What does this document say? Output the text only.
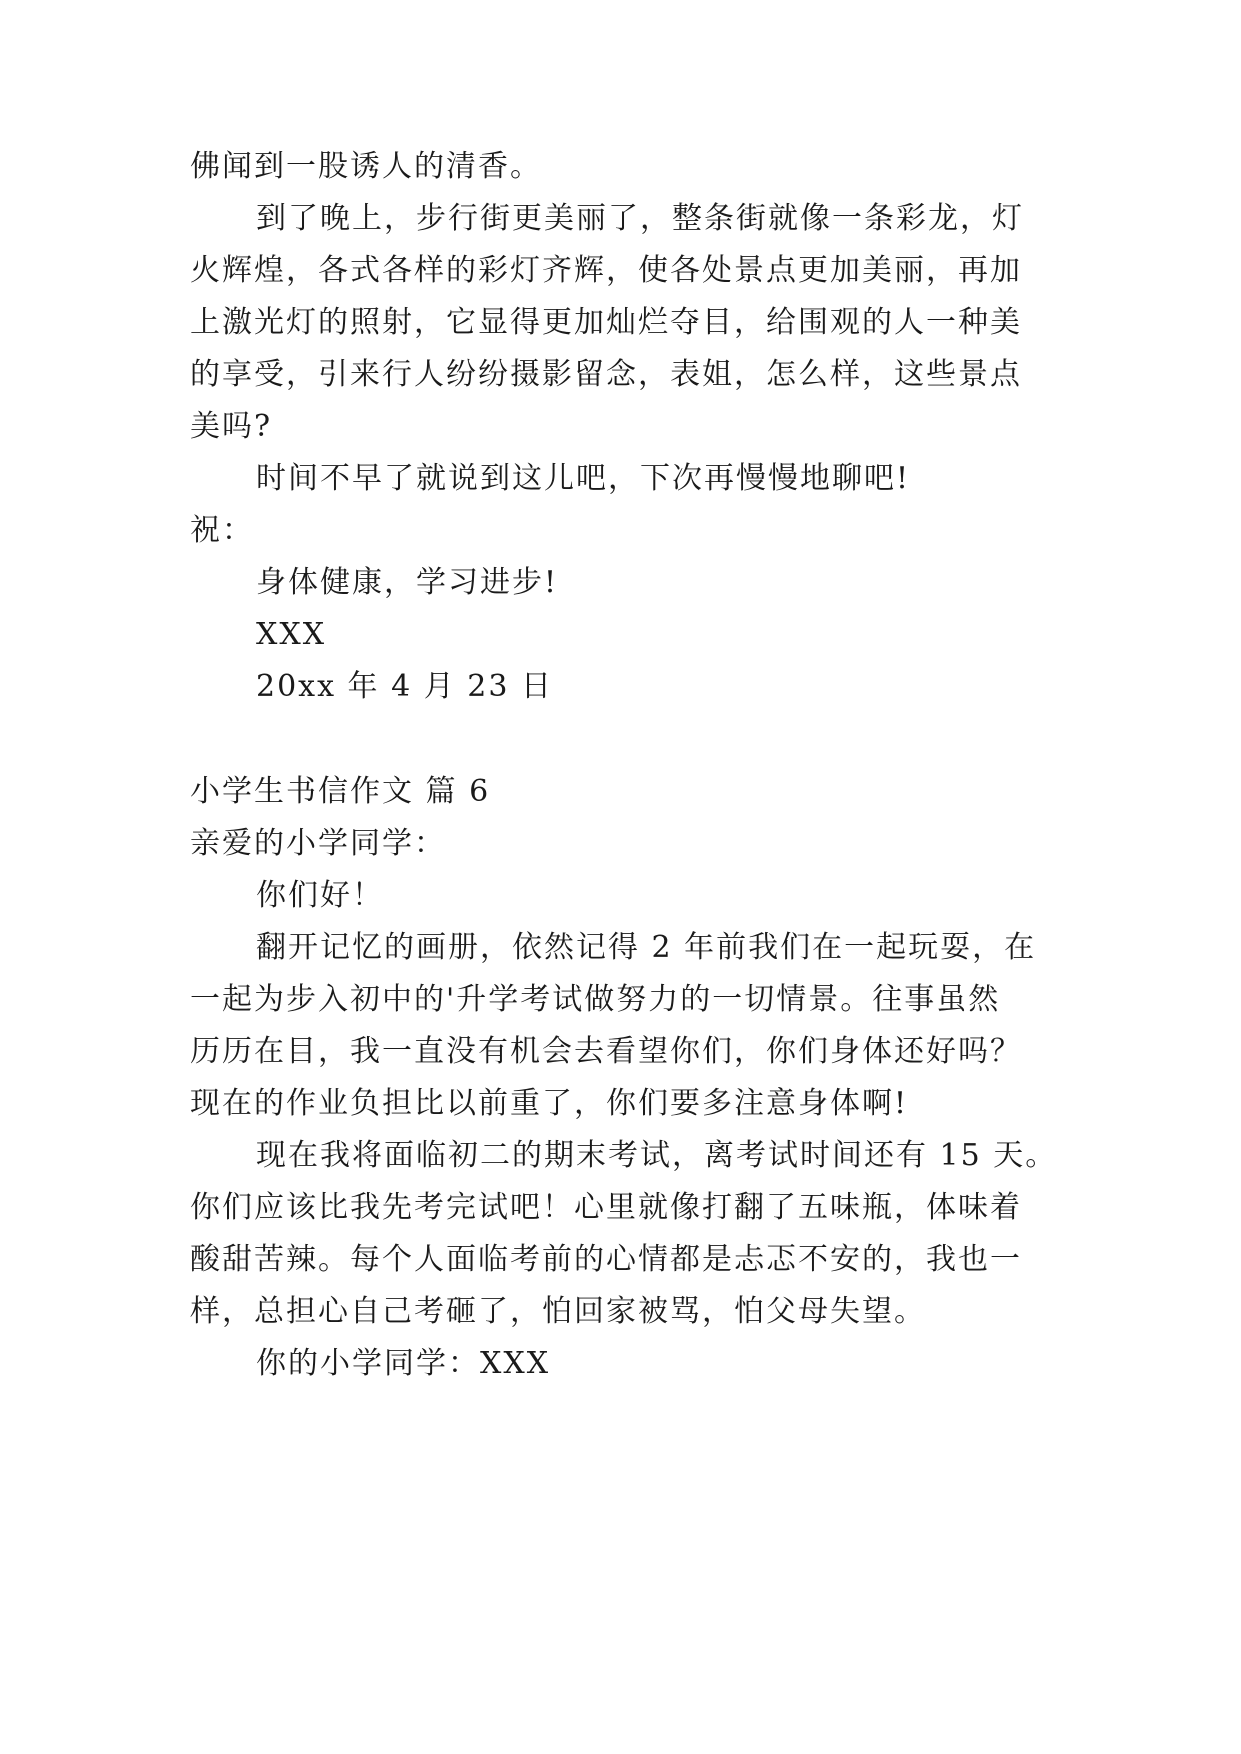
佛闻到一股诱人的清香。
到了晚上，步行街更美丽了，整条街就像一条彩龙，灯
火辉煌，各式各样的彩灯齐辉，使各处景点更加美丽，再加
上激光灯的照射，它显得更加灿烂夺目，给围观的人一种美
的享受，引来行人纷纷摄影留念，表姐，怎么样，这些景点
美吗?
时间不早了就说到这儿吧，下次再慢慢地聊吧!
祝：
身体健康，学习进步!
XXX
20xx 年 4 月 23 日
小学生书信作文 篇 6
亲爱的小学同学：
你们好！
翻开记忆的画册，依然记得 2 年前我们在一起玩耍，在
一起为步入初中的'升学考试做努力的一切情景。往事虽然
历历在目，我一直没有机会去看望你们，你们身体还好吗？
现在的作业负担比以前重了，你们要多注意身体啊!
现在我将面临初二的期末考试，离考试时间还有 15 天。
你们应该比我先考完试吧！心里就像打翻了五味瓶，体味着
酸甜苦辣。每个人面临考前的心情都是忐忑不安的，我也一
样，总担心自己考砸了，怕回家被骂，怕父母失望。
你的小学同学：XXX
